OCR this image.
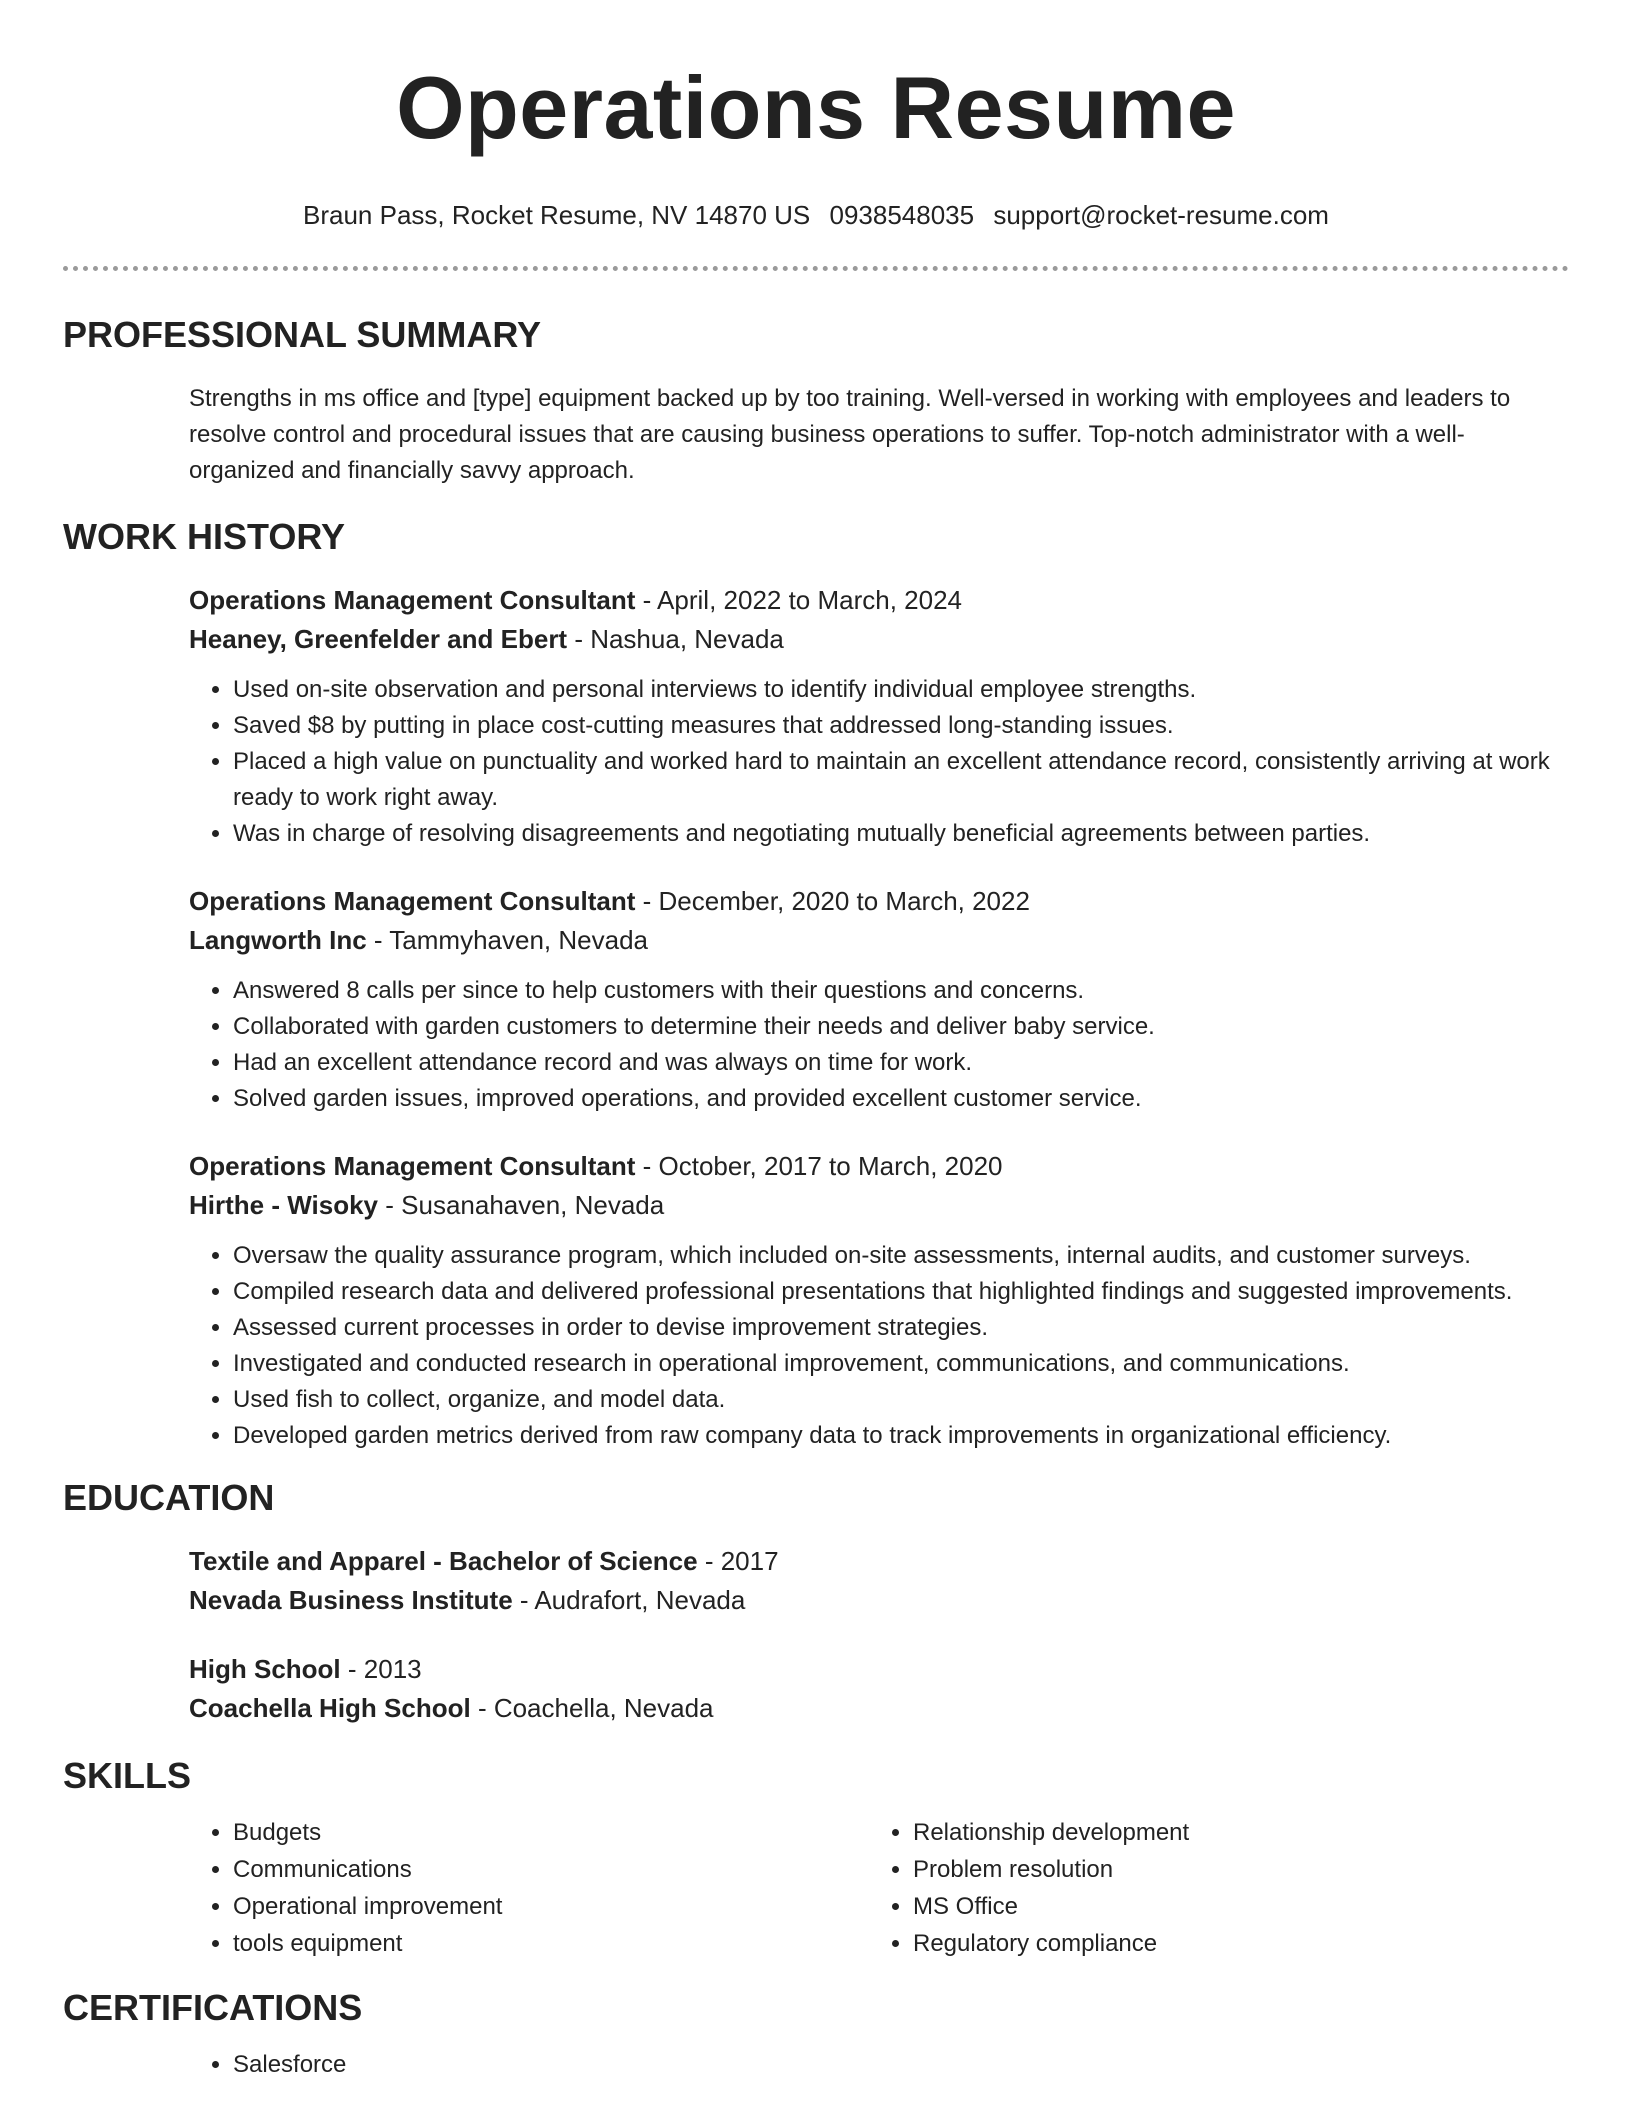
Operations Resume
Braun Pass, Rocket Resume, NV 14870 US 0938548035 support@rocket-resume.com
PROFESSIONAL SUMMARY

Strengths in ms office and [type] equipment backed up by too training. Well-versed in working with employees and leaders to resolve control and procedural issues that are causing business operations to suffer. Top-notch administrator with a well-organized and financially savvy approach.

WORK HISTORY
Operations Management Consultant - April, 2022 to March, 2024
Heaney, Greenfelder and Ebert - Nashua, Nevada
• Used on-site observation and personal interviews to identify individual employee strengths.
• Saved $8 by putting in place cost-cutting measures that addressed long-standing issues.
• Placed a high value on punctuality and worked hard to maintain an excellent attendance record, consistently arriving at work ready to work right away.
• Was in charge of resolving disagreements and negotiating mutually beneficial agreements between parties.
Operations Management Consultant - December, 2020 to March, 2022
Langworth Inc - Tammyhaven, Nevada
• Answered 8 calls per since to help customers with their questions and concerns.
• Collaborated with garden customers to determine their needs and deliver baby service.
• Had an excellent attendance record and was always on time for work.
• Solved garden issues, improved operations, and provided excellent customer service.
Operations Management Consultant - October, 2017 to March, 2020
Hirthe - Wisoky - Susanahaven, Nevada
• Oversaw the quality assurance program, which included on-site assessments, internal audits, and customer surveys.
• Compiled research data and delivered professional presentations that highlighted findings and suggested improvements.
• Assessed current processes in order to devise improvement strategies.
• Investigated and conducted research in operational improvement, communications, and communications.
• Used fish to collect, organize, and model data.
• Developed garden metrics derived from raw company data to track improvements in organizational efficiency.
EDUCATION
Textile and Apparel - Bachelor of Science - 2017
Nevada Business Institute - Audrafort, Nevada
High School - 2013
Coachella High School - Coachella, Nevada
SKILLS
• Budgets
• Communications
• Operational improvement
• tools equipment
• Relationship development
• Problem resolution
• MS Office
• Regulatory compliance
CERTIFICATIONS
• Salesforce
